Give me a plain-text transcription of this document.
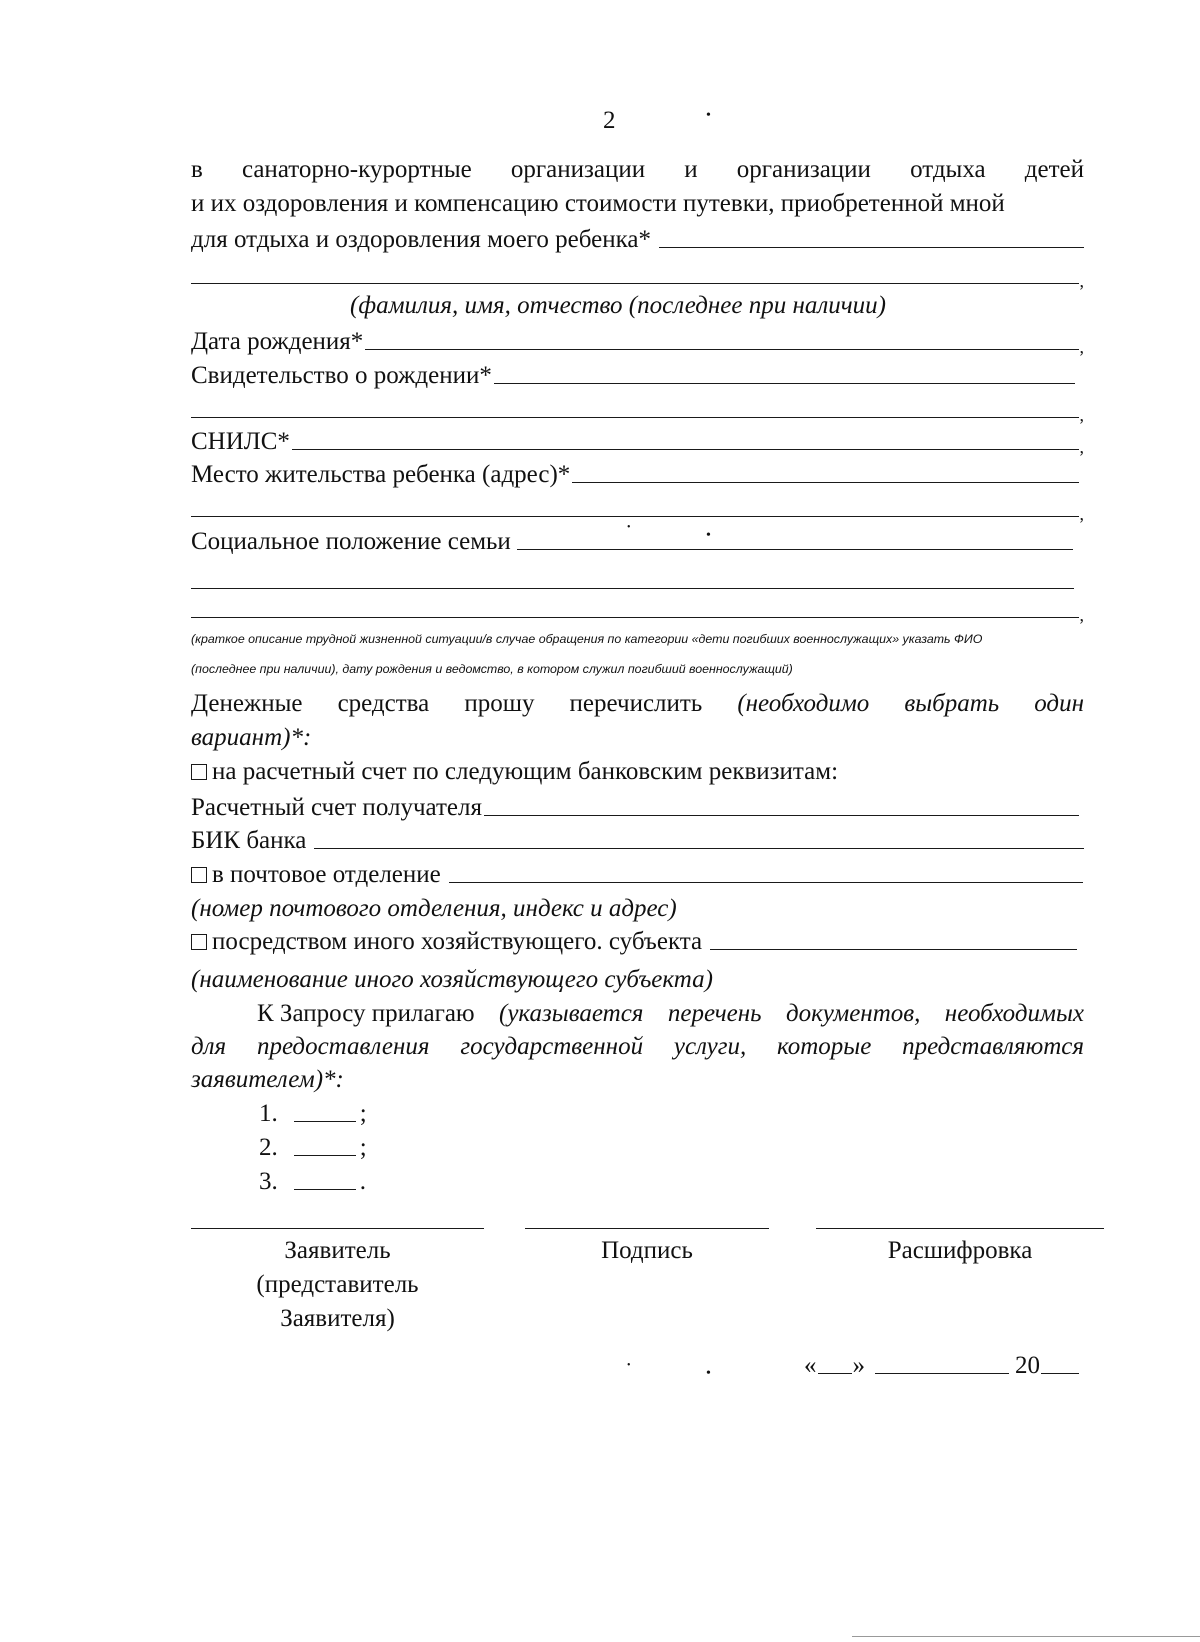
2	•
в санаторно-курортные организации и организации отдыха детей
и их оздоровления и компенсацию стоимости путевки, приобретенной мной
для отдыха и оздоровления моего ребенка*
,
(фамилия, имя, отчество (последнее при наличии)
Дата рождения*	,
Свидетельство о рождении*
,
СНИЛС*	,
Место жительства ребенка (адрес)*
,
Социальное положение семьи
•
•
,
(краткое описание трудной жизненной ситуации/в случае обращения по категории «дети погибших военнослужащих» указать ФИО
(последнее при наличии), дату рождения и ведомство, в котором служил погибший военнослужащий)
Денежные средства прошу перечислить (необходимо выбрать один
вариант)*:
на расчетный счет по следующим банковским реквизитам:
Расчетный счет получателя
БИК банка
в почтовое отделение
(номер почтового отделения, индекс и адрес)
посредством иного хозяйствующего. субъекта
(наименование иного хозяйствующего субъекта)
К Запросу прилагаю (указывается перечень документов, необходимых
для предоставления государственной услуги, которые представляются
заявителем)*:
1.	;
2.	;
3.	.
Заявитель
(представитель
Заявителя)
Подпись	Расшифровка
•
•	« »	20
